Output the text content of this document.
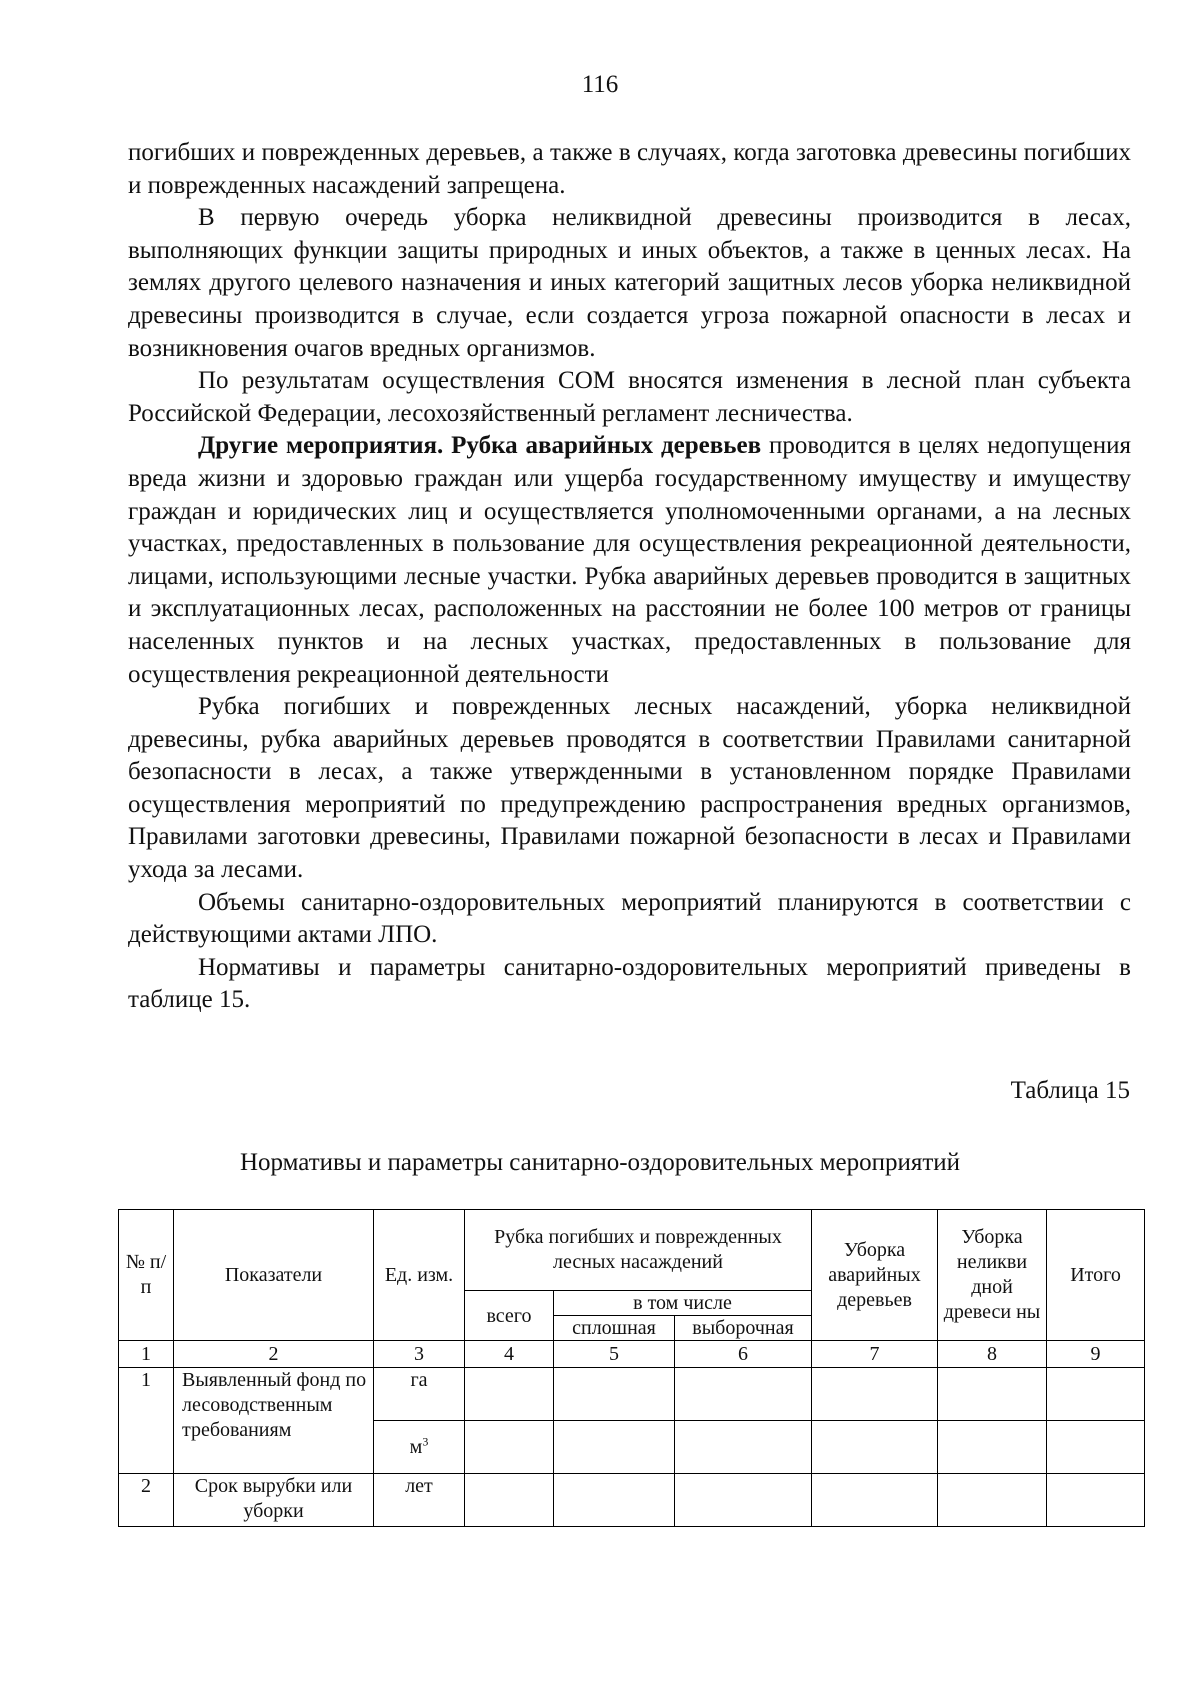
116

погибших и поврежденных деревьев, а также в случаях, когда заготовка древесины погибших и поврежденных насаждений запрещена.

В первую очередь уборка неликвидной древесины производится в лесах, выполняющих функции защиты природных и иных объектов, а также в ценных лесах. На землях другого целевого назначения и иных категорий защитных лесов уборка неликвидной древесины производится в случае, если создается угроза пожарной опасности в лесах и возникновения очагов вредных организмов.

По результатам осуществления СОМ вносятся изменения в лесной план субъекта Российской Федерации, лесохозяйственный регламент лесничества.

Другие мероприятия. Рубка аварийных деревьев проводится в целях недопущения вреда жизни и здоровью граждан или ущерба государственному имуществу и имуществу граждан и юридических лиц и осуществляется уполномоченными органами, а на лесных участках, предоставленных в пользование для осуществления рекреационной деятельности, лицами, использующими лесные участки. Рубка аварийных деревьев проводится в защитных и эксплуатационных лесах, расположенных на расстоянии не более 100 метров от границы населенных пунктов и на лесных участках, предоставленных в пользование для осуществления рекреационной деятельности

Рубка погибших и поврежденных лесных насаждений, уборка неликвидной древесины, рубка аварийных деревьев проводятся в соответствии Правилами санитарной безопасности в лесах, а также утвержденными в установленном порядке Правилами осуществления мероприятий по предупреждению распространения вредных организмов, Правилами заготовки древесины, Правилами пожарной безопасности в лесах и Правилами ухода за лесами.

Объемы санитарно-оздоровительных мероприятий планируются в соответствии с действующими актами ЛПО.

Нормативы и параметры санитарно-оздоровительных мероприятий приведены в таблице 15.

Таблица 15
Нормативы и параметры санитарно-оздоровительных мероприятий
№ п/п	Показатели	Ед. изм.	Рубка погибших и поврежденных лесных насаждений			Уборка аварийных деревьев	Уборка неликви дной древеси ны	Итого
			всего	в том числе				
				сплошная	выборочная			
1	2	3	4	5	6	7	8	9
1	Выявленный фонд по лесоводственным требованиям	га						
		$м^3$						
2	Срок вырубки или уборки	лет						
